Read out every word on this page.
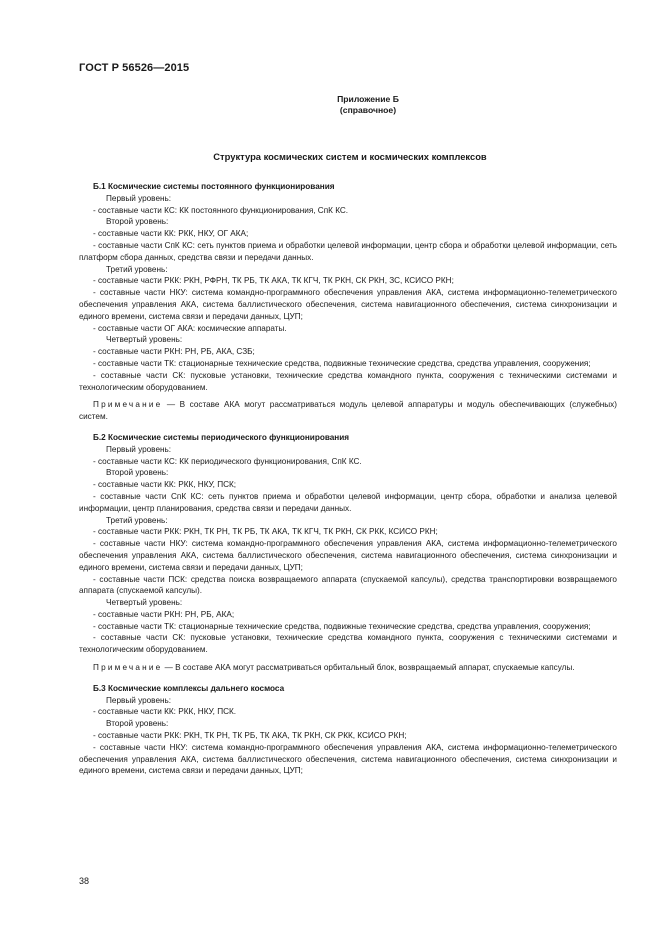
ГОСТ Р 56526—2015
Приложение Б
(справочное)
Структура космических систем и космических комплексов

Б.1 Космические системы постоянного функционирования

Первый уровень:

- составные части КС: КК постоянного функционирования, СпК КС.

Второй уровень:

- составные части КК: РКК, НКУ, ОГ АКА;

- составные части СпК КС: сеть пунктов приема и обработки целевой информации, центр сбора и обработки целевой информации, сеть платформ сбора данных, средства связи и передачи данных.

Третий уровень:

- составные части РКК: РКН, РФРН, ТК РБ, ТК АКА, ТК КГЧ, ТК РКН, СК РКН, ЗС, КСИСО РКН;

- составные части НКУ: система командно-программного обеспечения управления АКА, система информационно-телеметрического обеспечения управления АКА, система баллистического обеспечения, система навигационного обеспечения, система синхронизации и единого времени, система связи и передачи данных, ЦУП;

- составные части ОГ АКА: космические аппараты.

Четвертый уровень:

- составные части РКН: РН, РБ, АКА, СЗБ;

- составные части ТК: стационарные технические средства, подвижные технические средства, средства управления, сооружения;

- составные части СК: пусковые установки, технические средства командного пункта, сооружения с техническими системами и технологическим оборудованием.

Примечание — В составе АКА могут рассматриваться модуль целевой аппаратуры и модуль обеспечивающих (служебных) систем.

Б.2 Космические системы периодического функционирования

Первый уровень:

- составные части КС: КК периодического функционирования, СпК КС.

Второй уровень:

- составные части КК: РКК, НКУ, ПСК;

- составные части СпК КС: сеть пунктов приема и обработки целевой информации, центр сбора, обработки и анализа целевой информации, центр планирования, средства связи и передачи данных.

Третий уровень:

- составные части РКК: РКН, ТК РН, ТК РБ, ТК АКА, ТК КГЧ, ТК РКН, СК РКК, КСИСО РКН;

- составные части НКУ: система командно-программного обеспечения управления АКА, система информационно-телеметрического обеспечения управления АКА, система баллистического обеспечения, система навигационного обеспечения, система синхронизации и единого времени, система связи и передачи данных, ЦУП;

- составные части ПСК: средства поиска возвращаемого аппарата (спускаемой капсулы), средства транспортировки возвращаемого аппарата (спускаемой капсулы).

Четвертый уровень:

- составные части РКН: РН, РБ, АКА;

- составные части ТК: стационарные технические средства, подвижные технические средства, средства управления, сооружения;

- составные части СК: пусковые установки, технические средства командного пункта, сооружения с техническими системами и технологическим оборудованием.

Примечание — В составе АКА могут рассматриваться орбитальный блок, возвращаемый аппарат, спускаемые капсулы.

Б.3 Космические комплексы дальнего космоса

Первый уровень:

- составные части КК: РКК, НКУ, ПСК.

Второй уровень:

- составные части РКК: РКН, ТК РН, ТК РБ, ТК АКА, ТК РКН, СК РКК, КСИСО РКН;

- составные части НКУ: система командно-программного обеспечения управления АКА, система информационно-телеметрического обеспечения управления АКА, система баллистического обеспечения, система навигационного обеспечения, система синхронизации и единого времени, система связи и передачи данных, ЦУП;

38
